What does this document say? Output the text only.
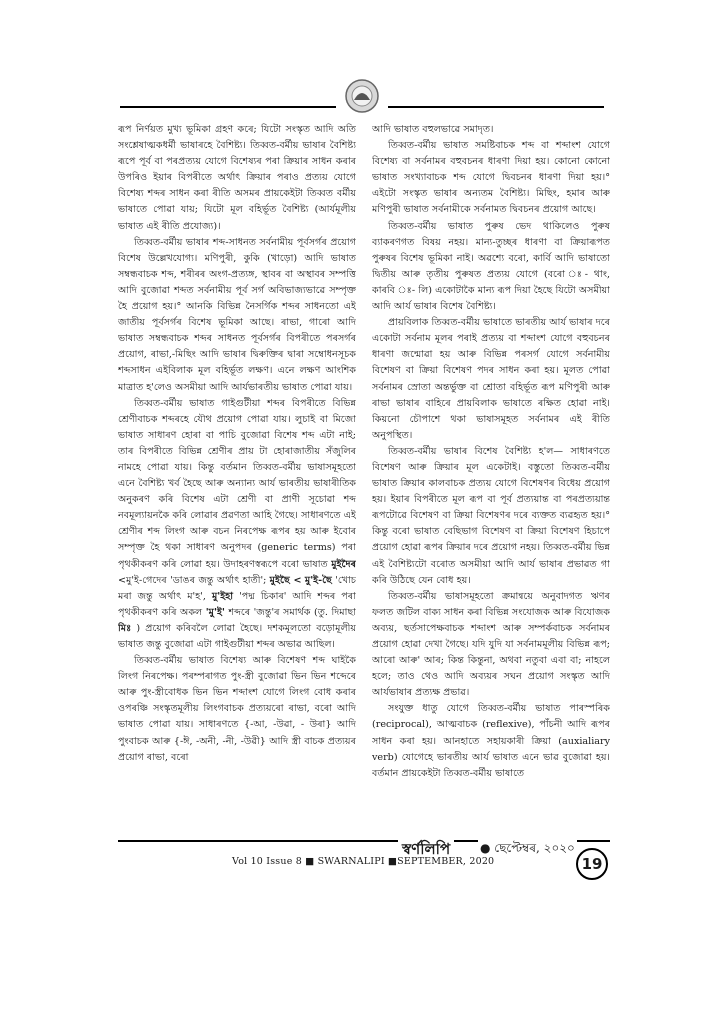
ৰূপ নিৰ্ণয়ত মুখ্য ভূমিকা গ্ৰহণ কৰে; যিটো সংস্কৃত আদি অতি সংশ্লেষাত্মকধৰ্মী ভাষাৰহে বৈশিষ্ট্য। তিব্বত-বৰ্মীয় ভাষাৰ বৈশিষ্ট্য ৰূপে পূৰ্ব বা পৰপ্ৰত্যয় যোগে বিশেষ্যৰ পৰা ক্ৰিয়াৰ সাধন কৰাৰ উপৰিও ইয়াৰ বিপৰীতে অৰ্থাৎ ক্ৰিয়াৰ পৰাও প্ৰত্যয় যোগে বিশেষ্য শব্দৰ সাধন কৰা ৰীতি অসমৰ প্ৰায়কেইটা তিব্বত বৰ্মীয় ভাষাতে পোৱা যায়; যিটো মূল বহিৰ্ভূত বৈশিষ্ট্য (আৰ্যমূলীয় ভাষাত এই ৰীতি প্ৰযোজ্য)।

তিব্বত-বৰ্মীয় ভাষাৰ শব্দ-সাধনত সৰ্বনামীয় পূৰ্বসৰ্গৰ প্ৰয়োগ বিশেষ উল্লেখযোগ্য। মণিপুৰী, কুকি (খাড়ো) আদি ভাষাত সম্বন্ধবাচক শব্দ, শৰীৰৰ অংগ-প্ৰত্যঙ্গ, স্থাবৰ বা অস্থাবৰ সম্পত্তি আদি বুজোৱা শব্দত সৰ্বনামীয় পূৰ্ব সৰ্গ অবিভাজ্যভাৱে সম্পৃক্ত হৈ প্ৰয়োগ হয়।° আনকি বিভিন্ন নৈসৰ্গিক শব্দৰ সাধনতো এই জাতীয় পূৰ্বসৰ্গৰ বিশেষ ভূমিকা আছে। ৰাভা, গাৰো আদি ভাষাত সম্বন্ধবাচক শব্দৰ সাধনত পূৰ্বসৰ্গৰ বিপৰীতে পৰসৰ্গৰ প্ৰয়োগ, ৰাভা,-মিছিং আদি ভাষাৰ দ্বিৰুক্তিৰ দ্বাৰা সম্বোধনসূচক শব্দসাধন এইবিলাক মূল বহিৰ্ভূত লক্ষণ। এনে লক্ষণ আংশিক মাত্ৰাত হ'লেও অসমীয়া আদি আৰ্যভাৰতীয় ভাষাত পোৱা যায়।

তিব্বত-বৰ্মীয় ভাষাত গাইগুটীয়া শব্দৰ বিপৰীতে বিভিন্ন শ্ৰেণীবাচক শব্দৰহে যৌথ প্ৰয়োগ পোৱা যায়। লুচাই বা মিজো ভাষাত সাধাৰণ হোৰা বা পাচি বুজোৱা বিশেষ শব্দ এটা নাই; তাৰ বিপৰীতে বিভিন্ন শ্ৰেণীৰ প্ৰায় টা হোৰাজাতীয় সঁজুলিৰ নামহে পোৱা যায়। কিন্তু বৰ্তমান তিব্বত-বৰ্মীয় ভাষাসমূহতো এনে বৈশিষ্ট্য খৰ্ব হৈছে আৰু অন্যান্য আৰ্য ভাৰতীয় ভাষাৰীতিক অনুকৰণ কৰি বিশেষ এটা শ্ৰেণী বা প্ৰাণী সূচোৱা শব্দ নবমূল্যায়নকৈ কৰি লোৱাৰ প্ৰৱণতা আহি গৈছে। সাধাৰণতে এই শ্ৰেণীৰ শব্দ লিংগ আৰু বচন নিৰপেক্ষ ৰূপৰ হয় আৰু ইবোৰ সম্পৃক্ত হৈ থকা সাধাৰণ অনুপদৰ (generic terms) পৰা পৃথকীকৰণ কৰি লোৱা হয়। উদাহৰণস্বৰূপে বৰো ভাষাত মুইদৈৰ <মু'ই-গেদেৰ 'ডাঙৰ জন্তু অৰ্থাৎ হাতী'; মুইছৈ < মু'ই-ছৈ 'খোচ মৰা জন্তু অৰ্থাৎ ম'হ', মু'ইহা 'পদ্ম চিকাৰ' আদি শব্দৰ পৰা পৃথকীকৰণ কৰি অকল 'মু'ই' শব্দৰে 'জন্তু'ৰ সমাৰ্থক (তু. দিমাছা মিঃ ) প্ৰয়োগ কৰিবলৈ লোৱা হৈছে। দশকমূলতো বড়োমূলীয় ভাষাত জন্তু বুজোৱা এটা গাইগুটীয়া শব্দৰ অভাৱ আছিল।

তিব্বত-বৰ্মীয় ভাষাত বিশেষ্য আৰু বিশেষণ শব্দ ঘাইকৈ লিংগ নিৰপেক্ষ। পৰম্পৰাগত পুং-স্ত্ৰী বুজোৱা ভিন ভিন শব্দেৰে আৰু পুং-স্ত্ৰীবোধক ভিন ভিন শব্দাংশ যোগে লিংগ বোধ কৰাৰ ওপৰঞ্চি সংস্কৃতমূলীয় লিংগবাচক প্ৰত্যয়ৰো ৰাভা, বৰো আদি ভাষাত পোৱা যায়। সাধাৰণতে {-আ, -উৱা, - উৰা} আদি পুংবাচক আৰু {-ঈ, -অনী, -নী, -উৱী} আদি স্ত্ৰী বাচক প্ৰত্যয়ৰ প্ৰয়োগ ৰাভা, বৰো

আদি ভাষাত বহুলভাৱে সমাদৃত।

তিব্বত-বৰ্মীয় ভাষাত সমষ্টিবাচক শব্দ বা শব্দাংশ যোগে বিশেষ্য বা সৰ্বনামৰ বহুবচনৰ ধাৰণা দিয়া হয়। কোনো কোনো ভাষাত সংখ্যাবাচক শব্দ যোগে দ্বিবচনৰ ধাৰণা দিয়া হয়।° এইটো সংস্কৃত ভাষাৰ অন্যতম বৈশিষ্ট্য। মিছিং, হমাৰ আৰু মণিপুৰী ভাষাত সৰ্বনামীকে সৰ্বনামত দ্বিবচনৰ প্ৰয়োগ আছে।

তিব্বত-বৰ্মীয় ভাষাত পুৰুষ ভেদ থাকিলেও পুৰুষ ব্যাকৰণগত বিষয় নহয়। মান্য-তুচ্ছৰ ধাৰণা বা ক্ৰিয়াৰূপত পুৰুষৰ বিশেষ ভূমিকা নাই। অৱশ্যে বৰো, কাৰ্বি আদি ভাষাতো দ্বিতীয় আৰু তৃতীয় পুৰুষত প্ৰত্যয় যোগে (বৰো ঃ- থাং, কাৰবি ঃ- লি) একোটাকৈ মান্য ৰূপ দিয়া হৈছে যিটো অসমীয়া আদি আৰ্য ভাষাৰ বিশেষ বৈশিষ্ট্য।

প্ৰায়বিলাক তিব্বত-বৰ্মীয় ভাষাতে ভাৰতীয় আৰ্য ভাষাৰ দৰে একোটা সৰ্বনাম মূলৰ পৰাই প্ৰত্যয় বা শব্দাংশ যোগে বহুবচনৰ ধাৰণা জন্মোৱা হয় আৰু বিভিন্ন পৰসৰ্গ যোগে সৰ্বনামীয় বিশেষণ বা ক্ৰিয়া বিশেষণ পদৰ সাধন কৰা হয়। মূলত পোৱা সৰ্বনামৰ স্ৰোতা অন্তৰ্ভুক্ত বা শ্ৰোতা বহিৰ্ভূত ৰূপ মণিপুৰী আৰু ৰাভা ভাষাৰ বাহিৰে প্ৰায়বিলাক ভাষাতে ৰক্ষিত হোৱা নাই। কিয়নো চৌপাশে থকা ভাষাসমূহত সৰ্বনামৰ এই ৰীতি অনুপস্থিত।

তিব্বত-বৰ্মীয় ভাষাৰ বিশেষ বৈশিষ্ট্য হ'ল— সাধাৰণতে বিশেষণ আৰু ক্ৰিয়াৰ মূল একেটাই। বস্তুতো তিব্বত-বৰ্মীয় ভাষাত ক্ৰিয়াৰ কালবাচক প্ৰত্যয় যোগে বিশেষণৰ বিধেয় প্ৰয়োগ হয়। ইয়াৰ বিপৰীতে মূল ৰূপ বা পূৰ্ব প্ৰত্যয়ান্ত বা পৰপ্ৰত্যয়ান্ত ৰূপটোৱে বিশেষণ বা ক্ৰিয়া বিশেষণৰ দৰে ব্যক্তত ব্যৱহৃত হয়।° কিন্তু বৰো ভাষাত বেছিভাগ বিশেষণ বা ক্ৰিয়া বিশেষণ হিচাপে প্ৰয়োগ হোৱা ৰূপৰ ক্ৰিয়াৰ দৰে প্ৰয়োগ নহয়। তিব্বত-বৰ্মীয় ভিন্ন এই বৈশিষ্ট্যটো বৰোত অসমীয়া আদি আৰ্য ভাষাৰ প্ৰভাৱত গা কৰি উঠিছে যেন বোধ হয়।

তিব্বত-বৰ্মীয় ভাষাসমূহতো ক্ৰমান্বয়ে অনুবাদগত ঋণৰ ফলত জটিল বাক্য সাধন কৰা বিভিন্ন সংযোজক আৰু বিযোজক অব্যয়, ছৰ্তসাপেক্ষবাচক শব্দাংশ আৰু সম্পৰ্কবাচক সৰ্বনামৰ প্ৰয়োগ হোৱা দেখা গৈছে। যদি যুদি যা সৰ্বনামমূলীয় বিভিন্ন ৰূপ; আৰো আৰু' আৰ; কিন্ত কিন্তুনা, অথবা নতুবা এবা বা; নাহলে হলে; তাও থেও আদি অব্যয়ৰ সঘন প্ৰয়োগ সংস্কৃত আদি আৰ্যভাষাৰ প্ৰত্যক্ষ প্ৰভাৱ।

সংযুক্ত ধাতু যোগে তিব্বত-বৰ্মীয় ভাষাত পাৰস্পৰিক (reciprocal), আত্মবাচক (reflexive), পাঁচনী আদি ৰূপৰ সাধন কৰা হয়। আনহাতে সহায়কাৰী ক্ৰিয়া (auxialiary verb) যোগেহে ভাৰতীয় আৰ্য ভাষাত এনে ভাৱ বুজোৱা হয়। বৰ্তমান প্ৰায়কেইটা তিব্বত-বৰ্মীয় ভাষাতে

স্বৰ্ণলিপি	● ছেপ্টেম্বৰ, ২০২০
Vol 10 Issue 8 ■ SWARNALIPI ■SEPTEMBER, 2020	19
